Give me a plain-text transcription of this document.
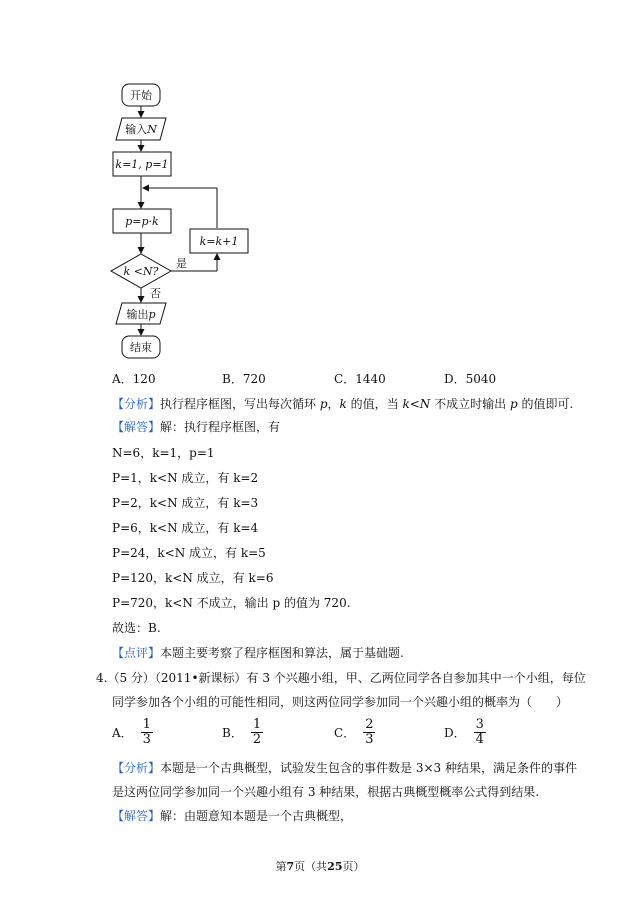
开始
输入N
k=1, p=1
p=p·k
k=k+1
k <N?
是
否
输出p
结束
A．120	B．720	C．1440	D．5040
【分析】执行程序框图，写出每次循环 p，k 的值，当 k<N 不成立时输出 p 的值即可.
【解答】解：执行程序框图，有
N=6，k=1，p=1
P=1，k<N 成立，有 k=2
P=2，k<N 成立，有 k=3
P=6，k<N 成立，有 k=4
P=24，k<N 成立，有 k=5
P=120，k<N 成立，有 k=6
P=720，k<N 不成立，输出 p 的值为 720.
故选：B.
【点评】本题主要考察了程序框图和算法，属于基础题.
4.（5 分）（2011•新课标）有 3 个兴趣小组，甲、乙两位同学各自参加其中一个小组，每位
同学参加各个小组的可能性相同，则这两位同学参加同一个兴趣小组的概率为（　　）
A． $\frac{1}{3}$	B． $\frac{1}{2}$	C． $\frac{2}{3}$	D． $\frac{3}{4}$
【分析】本题是一个古典概型，试验发生包含的事件数是 3×3 种结果，满足条件的事件
是这两位同学参加同一个兴趣小组有 3 种结果，根据古典概型概率公式得到结果.
【解答】解：由题意知本题是一个古典概型，
第7页（共25页）
